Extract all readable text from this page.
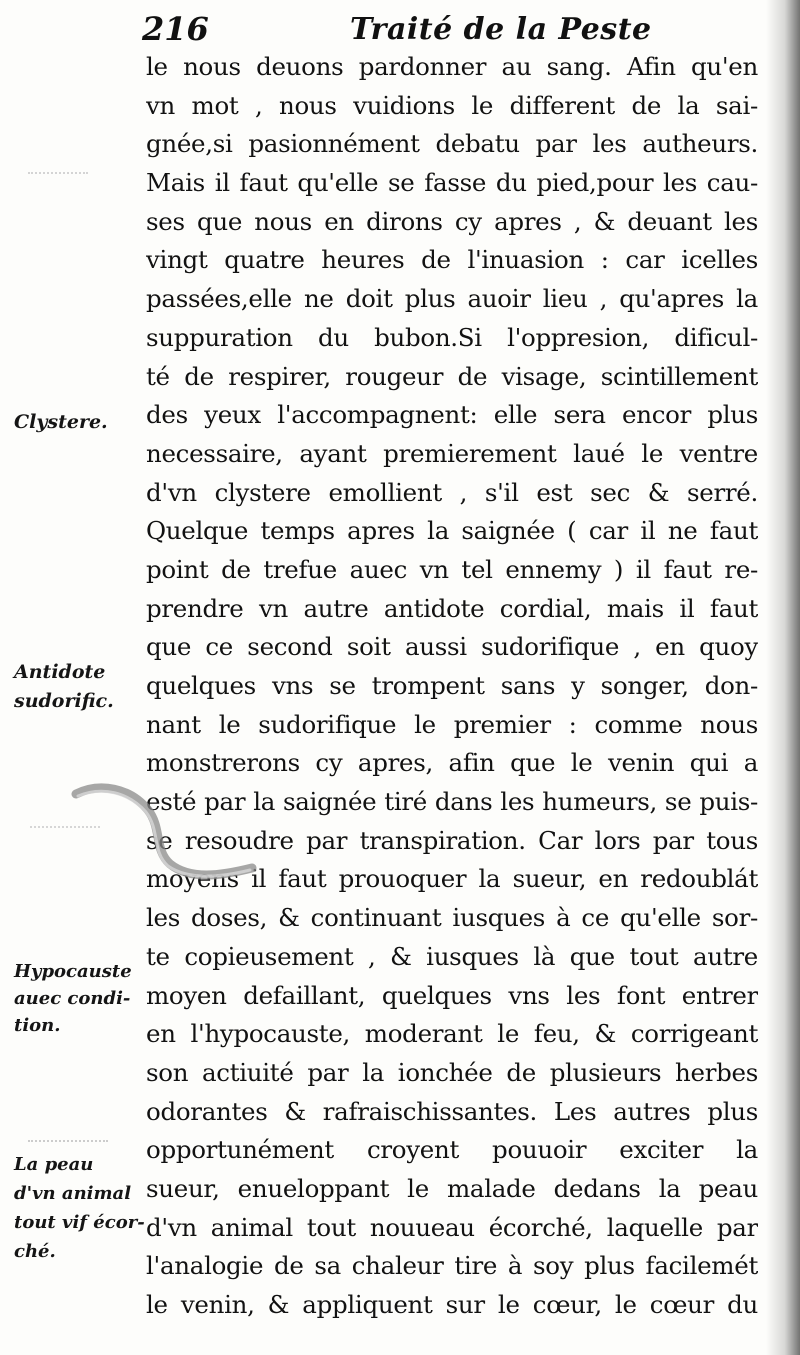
216	Traité de la Peste
le nous deuons pardonner au sang. Afin qu'en
vn mot , nous vuidions le different de la sai-
gnée,si pasionnément debatu par les autheurs.
Mais il faut qu'elle se fasse du pied,pour les cau-
ses que nous en dirons cy apres , & deuant les
vingt quatre heures de l'inuasion : car icelles
passées,elle ne doit plus auoir lieu , qu'apres la
suppuration du bubon.Si l'oppresion, dificul-
té de respirer, rougeur de visage, scintillement
des yeux l'accompagnent: elle sera encor plus
necessaire, ayant premierement laué le ventre
d'vn clystere emollient , s'il est sec & serré.
Quelque temps apres la saignée ( car il ne faut
point de trefue auec vn tel ennemy ) il faut re-
prendre vn autre antidote cordial, mais il faut
que ce second soit aussi sudorifique , en quoy
quelques vns se trompent sans y songer, don-
nant le sudorifique le premier : comme nous
monstrerons cy apres, afin que le venin qui a
esté par la saignée tiré dans les humeurs, se puis-
se resoudre par transpiration. Car lors par tous
moyens il faut prouoquer la sueur, en redoublát
les doses, & continuant iusques à ce qu'elle sor-
te copieusement , & iusques là que tout autre
moyen defaillant, quelques vns les font entrer
en l'hypocauste, moderant le feu, & corrigeant
son actiuité par la ionchée de plusieurs herbes
odorantes & rafraischissantes. Les autres plus
opportunément croyent pouuoir exciter la
sueur, enueloppant le malade dedans la peau
d'vn animal tout nouueau écorché, laquelle par
l'analogie de sa chaleur tire à soy plus facilemét
le venin, & appliquent sur le cœur, le cœur du
Clystere.
Antidote
sudorific.
Hypocauste
auec condi-
tion.
La peau
d'vn animal
tout vif écor-
ché.
